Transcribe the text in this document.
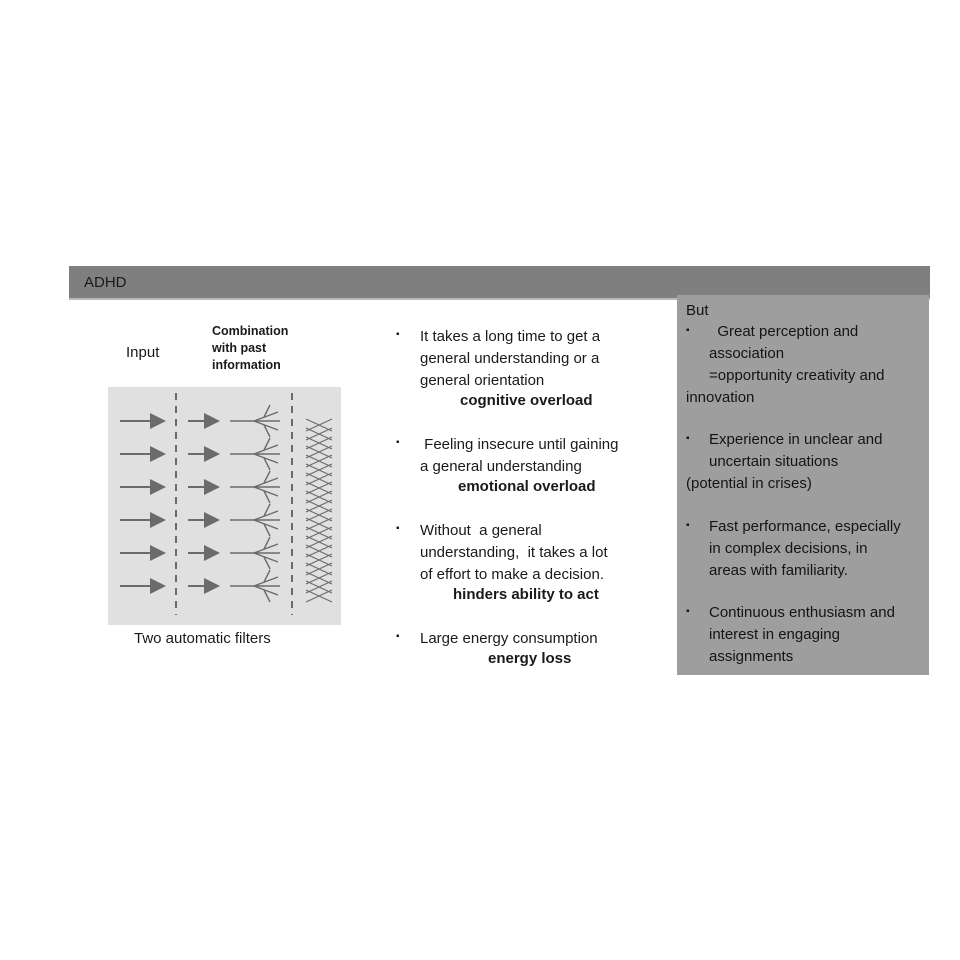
ADHD
Input
Combination
with past
information
Two automatic filters
▪ It takes a long time to get a
general understanding or a
general orientation
cognitive overload
▪ Feeling insecure until gaining
a general understanding
emotional overload
▪ Without  a general
understanding,  it takes a lot
of effort to make a decision.
hinders ability to act
▪ Large energy consumption
energy loss
But
▪ Great perception and
association
=opportunity creativity and
innovation
▪ Experience in unclear and
uncertain situations
(potential in crises)
▪ Fast performance, especially
in complex decisions, in
areas with familiarity.
▪ Continuous enthusiasm and
interest in engaging
assignments
